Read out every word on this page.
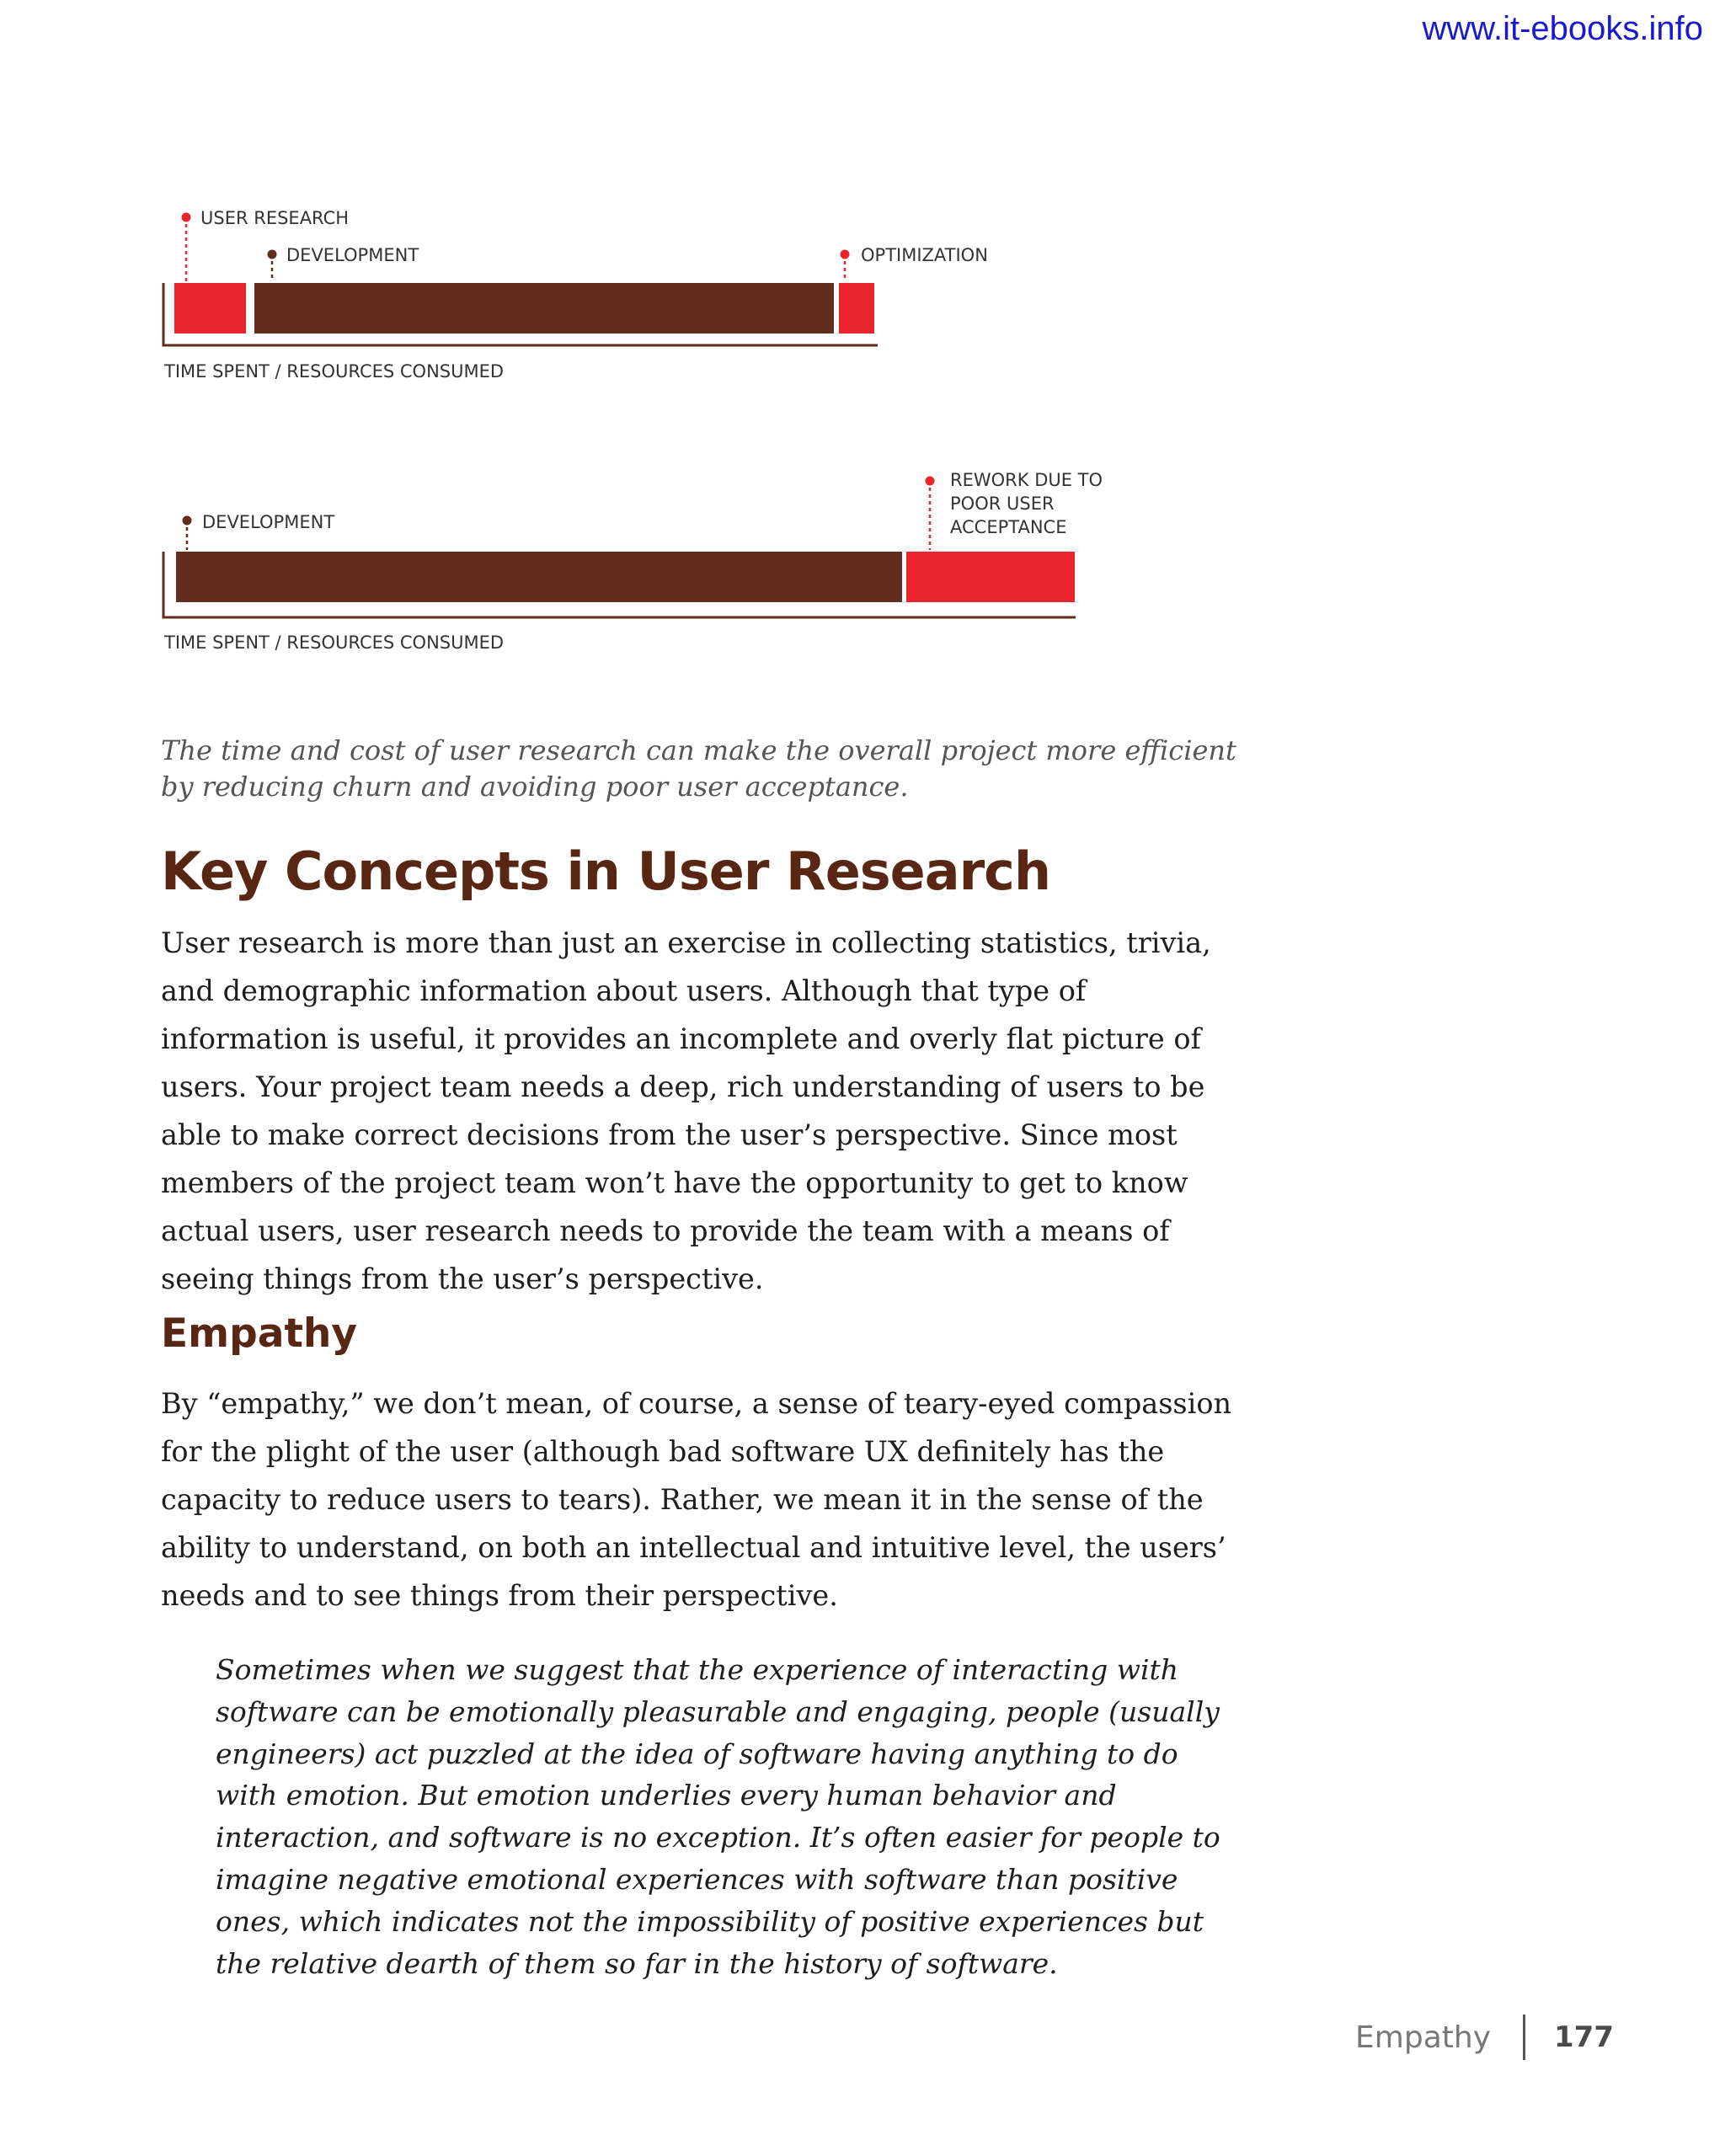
www.it-ebooks.info
USER RESEARCH
DEVELOPMENT	OPTIMIZATION
TIME SPENT / RESOURCES CONSUMED
DEVELOPMENT
REWORK DUE TO
POOR USER
ACCEPTANCE
TIME SPENT / RESOURCES CONSUMED

The time and cost of user research can make the overall project more efficient by reducing churn and avoiding poor user acceptance.

Key Concepts in User Research

User research is more than just an exercise in collecting statistics, trivia, and demographic information about users. Although that type of information is useful, it provides an incomplete and overly flat picture of users. Your project team needs a deep, rich understanding of users to be able to make correct decisions from the user’s perspective. Since most members of the project team won’t have the opportunity to get to know actual users, user research needs to provide the team with a means of seeing things from the user’s perspective.

Empathy

By “empathy,” we don’t mean, of course, a sense of teary-eyed compassion for the plight of the user (although bad software UX definitely has the capacity to reduce users to tears). Rather, we mean it in the sense of the ability to understand, on both an intellectual and intuitive level, the users’ needs and to see things from their perspective.

Sometimes when we suggest that the experience of interacting with software can be emotionally pleasurable and engaging, people (usually engineers) act puzzled at the idea of software having anything to do with emotion. But emotion underlies every human behavior and interaction, and software is no exception. It’s often easier for people to imagine negative emotional experiences with software than positive ones, which indicates not the impossibility of positive experiences but the relative dearth of them so far in the history of software.

Empathy 177
